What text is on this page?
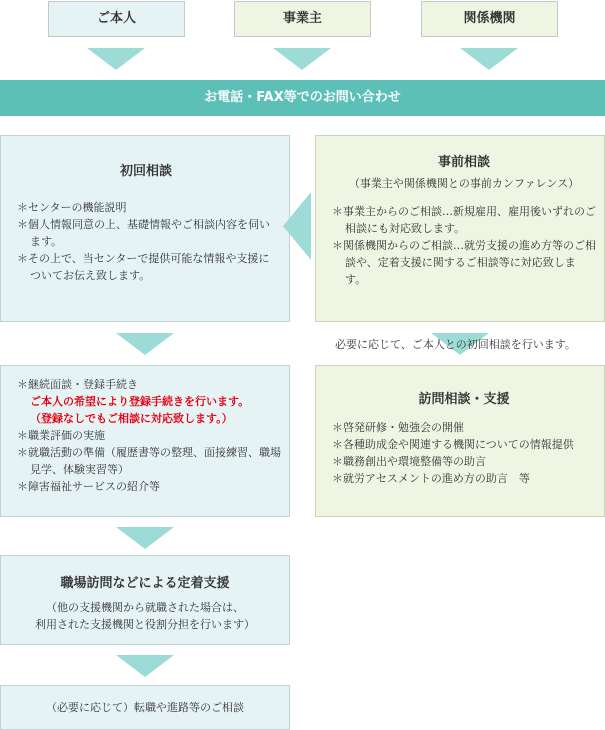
ご本人	事業主	関係機関
お電話・FAX等でのお問い合わせ
初回相談
＊センターの機能説明
＊個人情報同意の上、基礎情報やご相談内容を伺います。
＊その上で、当センターで提供可能な情報や支援についてお伝え致します。
事前相談
（事業主や関係機関との事前カンファレンス）
＊事業主からのご相談…新規雇用、雇用後いずれのご相談にも対応致します。
＊関係機関からのご相談…就労支援の進め方等のご相談や、定着支援に関するご相談等に対応致します。
必要に応じて、ご本人との初回相談を行います。
＊継続面談・登録手続き
ご本人の希望により登録手続きを行います。
（登録なしでもご相談に対応致します。）
＊職業評価の実施
＊就職活動の準備（履歴書等の整理、面接練習、職場見学、体験実習等）
＊障害福祉サービスの紹介等
訪問相談・支援
＊啓発研修・勉強会の開催
＊各種助成金や関連する機関についての情報提供
＊職務創出や環境整備等の助言
＊就労アセスメントの進め方の助言　等
職場訪問などによる定着支援
（他の支援機関から就職された場合は、
利用された支援機関と役割分担を行います）
（必要に応じて）転職や進路等のご相談
